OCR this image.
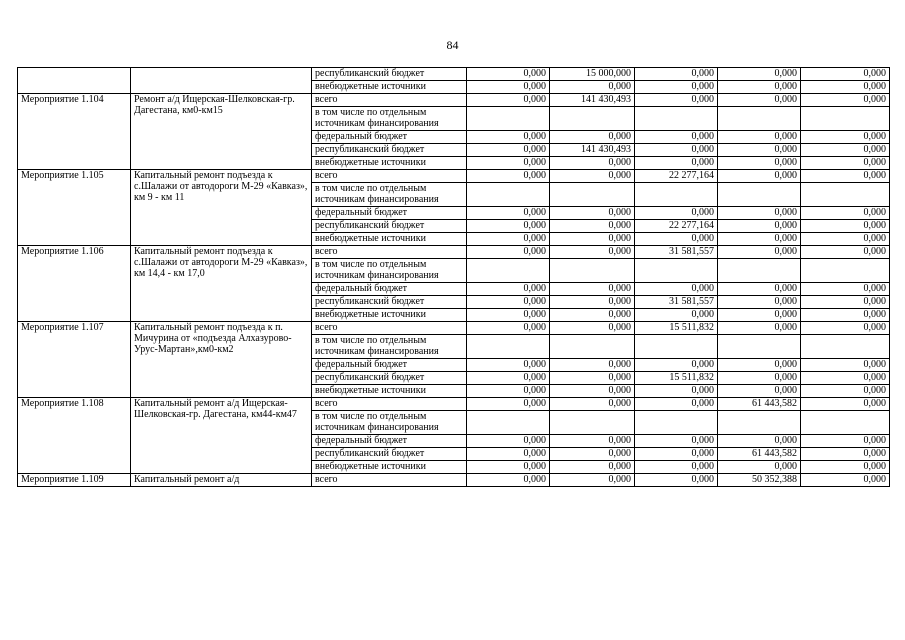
84
		республиканский бюджет	0,000	15 000,000	0,000	0,000	0,000
		внебюджетные источники	0,000	0,000	0,000	0,000	0,000
Мероприятие 1.104	Ремонт а/д Ищерская-Шелковская-гр. Дагестана, км0-км15	всего	0,000	141 430,493	0,000	0,000	0,000
		в том числе по отдельным источникам финансирования					
		федеральный бюджет	0,000	0,000	0,000	0,000	0,000
		республиканский бюджет	0,000	141 430,493	0,000	0,000	0,000
		внебюджетные источники	0,000	0,000	0,000	0,000	0,000
Мероприятие 1.105	Капитальный ремонт подъезда к с.Шалажи от автодороги М-29 «Кавказ», км 9 - км 11	всего	0,000	0,000	22 277,164	0,000	0,000
		в том числе по отдельным источникам финансирования					
		федеральный бюджет	0,000	0,000	0,000	0,000	0,000
		республиканский бюджет	0,000	0,000	22 277,164	0,000	0,000
		внебюджетные источники	0,000	0,000	0,000	0,000	0,000
Мероприятие 1.106	Капитальный ремонт подъезда к с.Шалажи от автодороги М-29 «Кавказ», км 14,4 - км 17,0	всего	0,000	0,000	31 581,557	0,000	0,000
		в том числе по отдельным источникам финансирования					
		федеральный бюджет	0,000	0,000	0,000	0,000	0,000
		республиканский бюджет	0,000	0,000	31 581,557	0,000	0,000
		внебюджетные источники	0,000	0,000	0,000	0,000	0,000
Мероприятие 1.107	Капитальный ремонт подъезда к п. Мичурина от «подъезда Алхазурово-Урус-Мартан»,км0-км2	всего	0,000	0,000	15 511,832	0,000	0,000
		в том числе по отдельным источникам финансирования					
		федеральный бюджет	0,000	0,000	0,000	0,000	0,000
		республиканский бюджет	0,000	0,000	15 511,832	0,000	0,000
		внебюджетные источники	0,000	0,000	0,000	0,000	0,000
Мероприятие 1.108	Капитальный ремонт а/д Ищерская-Шелковская-гр. Дагестана, км44-км47	всего	0,000	0,000	0,000	61 443,582	0,000
		в том числе по отдельным источникам финансирования					
		федеральный бюджет	0,000	0,000	0,000	0,000	0,000
		республиканский бюджет	0,000	0,000	0,000	61 443,582	0,000
		внебюджетные источники	0,000	0,000	0,000	0,000	0,000
Мероприятие 1.109	Капитальный ремонт а/д	всего	0,000	0,000	0,000	50 352,388	0,000
